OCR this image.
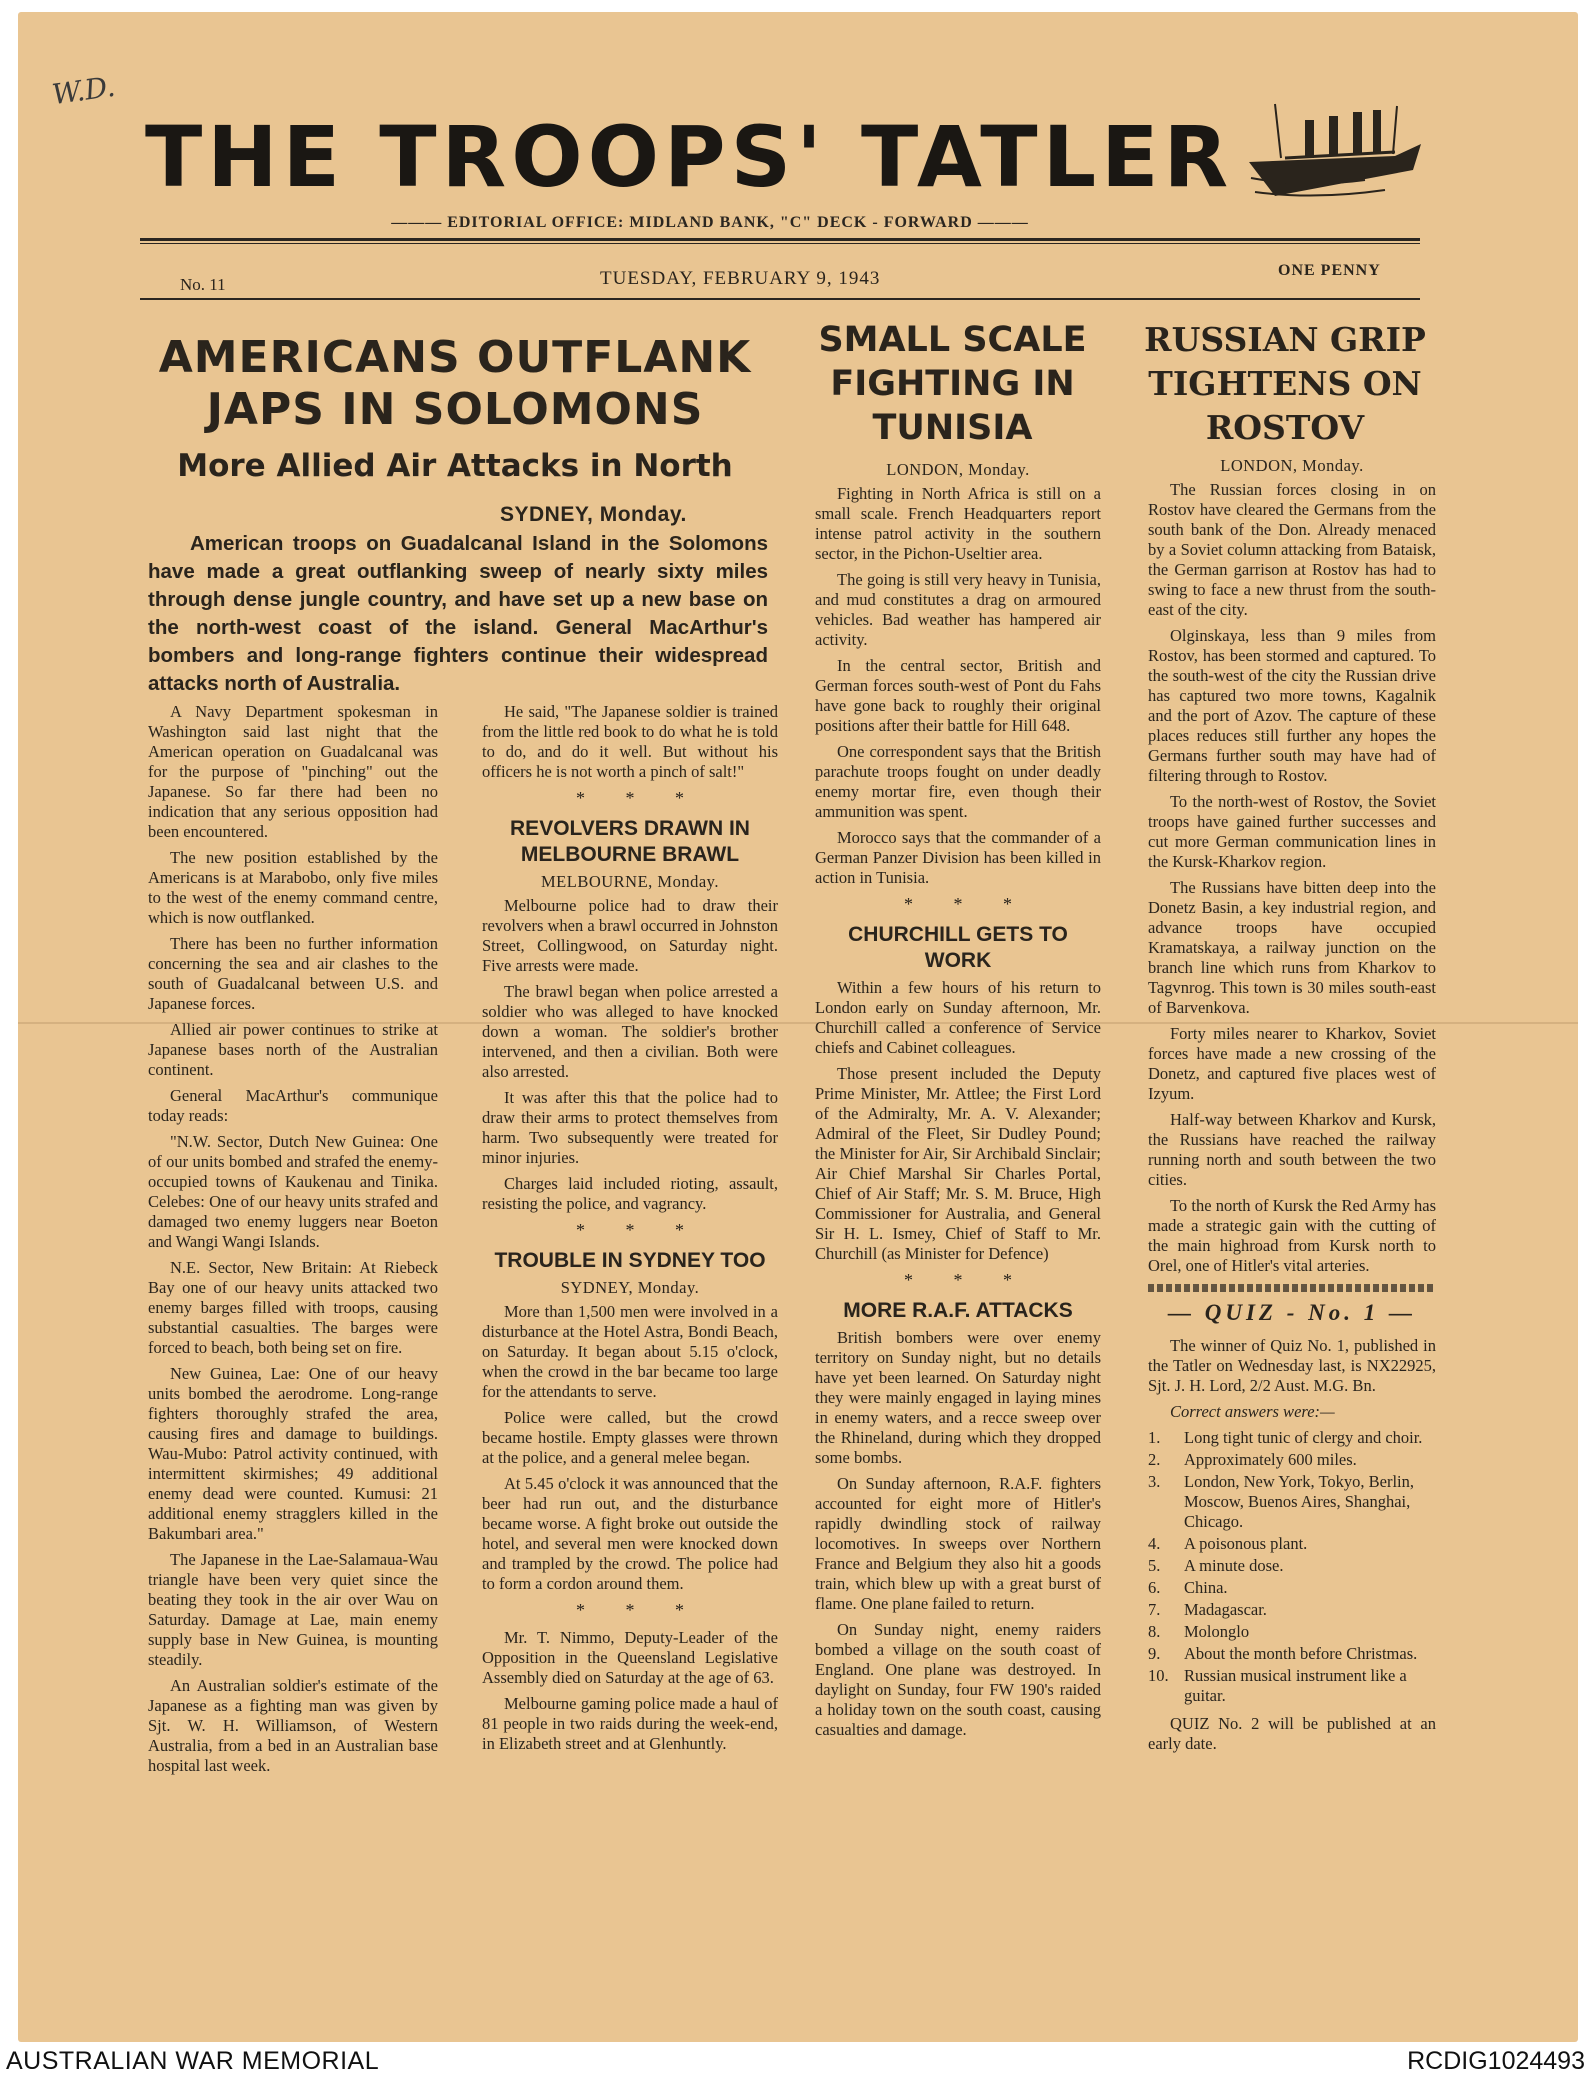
W.D.
THE TROOPS' TATLER
——— EDITORIAL OFFICE: MIDLAND BANK, "C" DECK - FORWARD ———
No. 11	TUESDAY, FEBRUARY 9, 1943	ONE PENNY
AMERICANS OUTFLANK JAPS IN SOLOMONS
More Allied Air Attacks in North
SYDNEY, Monday.
American troops on Guadalcanal Island in the Solomons have made a great outflanking sweep of nearly sixty miles through dense jungle country, and have set up a new base on the north-west coast of the island. General MacArthur's bombers and long-range fighters continue their widespread attacks north of Australia.

A Navy Department spokesman in Washington said last night that the American operation on Guadalcanal was for the purpose of "pinching" out the Japanese. So far there had been no indication that any serious opposition had been encountered.

The new position established by the Americans is at Marabobo, only five miles to the west of the enemy command centre, which is now outflanked.

There has been no further information concerning the sea and air clashes to the south of Guadalcanal between U.S. and Japanese forces.

Allied air power continues to strike at Japanese bases north of the Australian continent.

General MacArthur's communique today reads:

"N.W. Sector, Dutch New Guinea: One of our units bombed and strafed the enemy-occupied towns of Kaukenau and Tinika. Celebes: One of our heavy units strafed and damaged two enemy luggers near Boeton and Wangi Wangi Islands.

N.E. Sector, New Britain: At Riebeck Bay one of our heavy units attacked two enemy barges filled with troops, causing substantial casualties. The barges were forced to beach, both being set on fire.

New Guinea, Lae: One of our heavy units bombed the aerodrome. Long-range fighters thoroughly strafed the area, causing fires and damage to buildings. Wau-Mubo: Patrol activity continued, with intermittent skirmishes; 49 additional enemy dead were counted. Kumusi: 21 additional enemy stragglers killed in the Bakumbari area."

The Japanese in the Lae-Salamaua-Wau triangle have been very quiet since the beating they took in the air over Wau on Saturday. Damage at Lae, main enemy supply base in New Guinea, is mounting steadily.

An Australian soldier's estimate of the Japanese as a fighting man was given by Sjt. W. H. Williamson, of Western Australia, from a bed in an Australian base hospital last week.

He said, "The Japanese soldier is trained from the little red book to do what he is told to do, and do it well. But without his officers he is not worth a pinch of salt!"

* * *
REVOLVERS DRAWN IN MELBOURNE BRAWL
MELBOURNE, Monday.

Melbourne police had to draw their revolvers when a brawl occurred in Johnston Street, Collingwood, on Saturday night. Five arrests were made.

The brawl began when police arrested a soldier who was alleged to have knocked down a woman. The soldier's brother intervened, and then a civilian. Both were also arrested.

It was after this that the police had to draw their arms to protect themselves from harm. Two subsequently were treated for minor injuries.

Charges laid included rioting, assault, resisting the police, and vagrancy.

* * *
TROUBLE IN SYDNEY TOO
SYDNEY, Monday.

More than 1,500 men were involved in a disturbance at the Hotel Astra, Bondi Beach, on Saturday. It began about 5.15 o'clock, when the crowd in the bar became too large for the attendants to serve.

Police were called, but the crowd became hostile. Empty glasses were thrown at the police, and a general melee began.

At 5.45 o'clock it was announced that the beer had run out, and the disturbance became worse. A fight broke out outside the hotel, and several men were knocked down and trampled by the crowd. The police had to form a cordon around them.

* * *

Mr. T. Nimmo, Deputy-Leader of the Opposition in the Queensland Legislative Assembly died on Saturday at the age of 63.

Melbourne gaming police made a haul of 81 people in two raids during the week-end, in Elizabeth street and at Glenhuntly.

SMALL SCALE FIGHTING IN TUNISIA
LONDON, Monday.

Fighting in North Africa is still on a small scale. French Headquarters report intense patrol activity in the southern sector, in the Pichon-Useltier area.

The going is still very heavy in Tunisia, and mud constitutes a drag on armoured vehicles. Bad weather has hampered air activity.

In the central sector, British and German forces south-west of Pont du Fahs have gone back to roughly their original positions after their battle for Hill 648.

One correspondent says that the British parachute troops fought on under deadly enemy mortar fire, even though their ammunition was spent.

Morocco says that the commander of a German Panzer Division has been killed in action in Tunisia.

* * *
CHURCHILL GETS TO WORK

Within a few hours of his return to London early on Sunday afternoon, Mr. Churchill called a conference of Service chiefs and Cabinet colleagues.

Those present included the Deputy Prime Minister, Mr. Attlee; the First Lord of the Admiralty, Mr. A. V. Alexander; Admiral of the Fleet, Sir Dudley Pound; the Minister for Air, Sir Archibald Sinclair; Air Chief Marshal Sir Charles Portal, Chief of Air Staff; Mr. S. M. Bruce, High Commissioner for Australia, and General Sir H. L. Ismey, Chief of Staff to Mr. Churchill (as Minister for Defence)

* * *
MORE R.A.F. ATTACKS

British bombers were over enemy territory on Sunday night, but no details have yet been learned. On Saturday night they were mainly engaged in laying mines in enemy waters, and a recce sweep over the Rhineland, during which they dropped some bombs.

On Sunday afternoon, R.A.F. fighters accounted for eight more of Hitler's rapidly dwindling stock of railway locomotives. In sweeps over Northern France and Belgium they also hit a goods train, which blew up with a great burst of flame. One plane failed to return.

On Sunday night, enemy raiders bombed a village on the south coast of England. One plane was destroyed. In daylight on Sunday, four FW 190's raided a holiday town on the south coast, causing casualties and damage.

RUSSIAN GRIP TIGHTENS ON ROSTOV
LONDON, Monday.

The Russian forces closing in on Rostov have cleared the Germans from the south bank of the Don. Already menaced by a Soviet column attacking from Bataisk, the German garrison at Rostov has had to swing to face a new thrust from the south-east of the city.

Olginskaya, less than 9 miles from Rostov, has been stormed and captured. To the south-west of the city the Russian drive has captured two more towns, Kagalnik and the port of Azov. The capture of these places reduces still further any hopes the Germans further south may have had of filtering through to Rostov.

To the north-west of Rostov, the Soviet troops have gained further successes and cut more German communication lines in the Kursk-Kharkov region.

The Russians have bitten deep into the Donetz Basin, a key industrial region, and advance troops have occupied Kramatskaya, a railway junction on the branch line which runs from Kharkov to Tagvnrog. This town is 30 miles south-east of Barvenkova.

Forty miles nearer to Kharkov, Soviet forces have made a new crossing of the Donetz, and captured five places west of Izyum.

Half-way between Kharkov and Kursk, the Russians have reached the railway running north and south between the two cities.

To the north of Kursk the Red Army has made a strategic gain with the cutting of the main highroad from Kursk north to Orel, one of Hitler's vital arteries.

— QUIZ - No. 1 —

The winner of Quiz No. 1, published in the Tatler on Wednesday last, is NX22925, Sjt. J. H. Lord, 2/2 Aust. M.G. Bn.

Correct answers were:—

1.	Long tight tunic of clergy and choir.
2.	Approximately 600 miles.
3.	London, New York, Tokyo, Berlin, Moscow, Buenos Aires, Shanghai, Chicago.
4.	A poisonous plant.
5.	A minute dose.
6.	China.
7.	Madagascar.
8.	Molonglo
9.	About the month before Christmas.
10. Russian musical instrument like a guitar.

QUIZ No. 2 will be published at an early date.

AUSTRALIAN WAR MEMORIAL	RCDIG1024493
